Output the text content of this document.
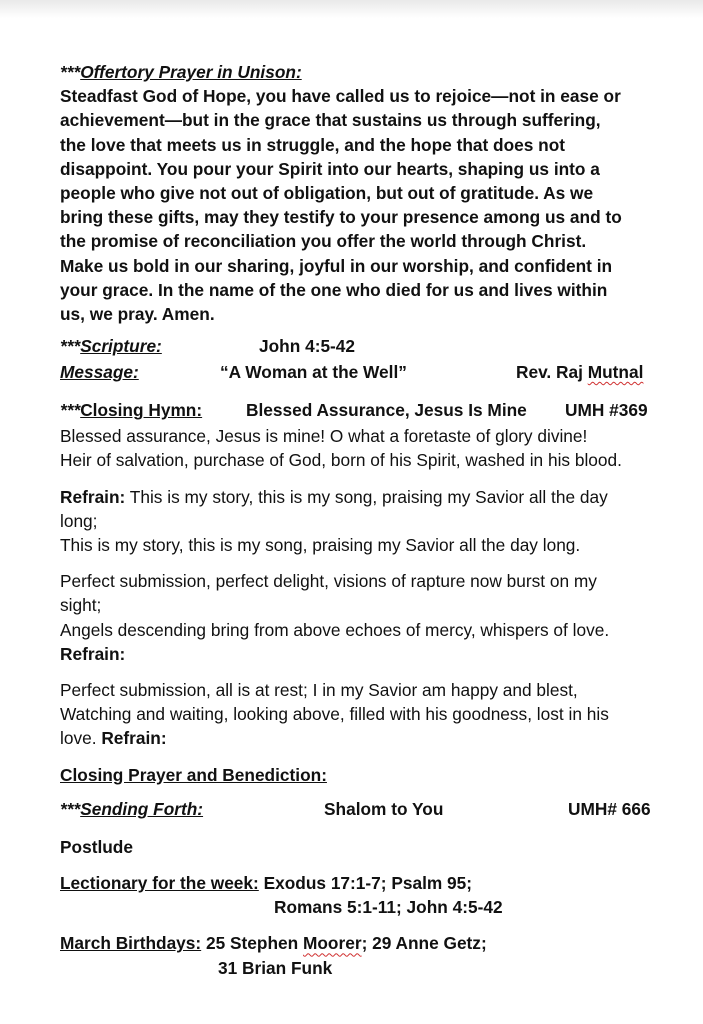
***Offertory Prayer in Unison:

Steadfast God of Hope, you have called us to rejoice—not in ease or

achievement—but in the grace that sustains us through suffering,

the love that meets us in struggle, and the hope that does not

disappoint. You pour your Spirit into our hearts, shaping us into a

people who give not out of obligation, but out of gratitude. As we

bring these gifts, may they testify to your presence among us and to

the promise of reconciliation you offer the world through Christ.

Make us bold in our sharing, joyful in our worship, and confident in

your grace. In the name of the one who died for us and lives within

us, we pray. Amen.

***Scripture:	John 4:5-42
Message:	“A Woman at the Well”	Rev. Raj Mutnal
***Closing Hymn:	Blessed Assurance, Jesus Is Mine UMH #369

Blessed assurance, Jesus is mine! O what a foretaste of glory divine!

Heir of salvation, purchase of God, born of his Spirit, washed in his blood.

Refrain: This is my story, this is my song, praising my Savior all the day

long;

This is my story, this is my song, praising my Savior all the day long.

Perfect submission, perfect delight, visions of rapture now burst on my

sight;

Angels descending bring from above echoes of mercy, whispers of love.

Refrain:

Perfect submission, all is at rest; I in my Savior am happy and blest,

Watching and waiting, looking above, filled with his goodness, lost in his

love. Refrain:

Closing Prayer and Benediction:

***Sending Forth:	Shalom to You	UMH# 666

Postlude

Lectionary for the week: Exodus 17:1-7; Psalm 95;

Romans 5:1-11; John 4:5-42

March Birthdays: 25 Stephen Moorer; 29 Anne Getz;

31 Brian Funk
